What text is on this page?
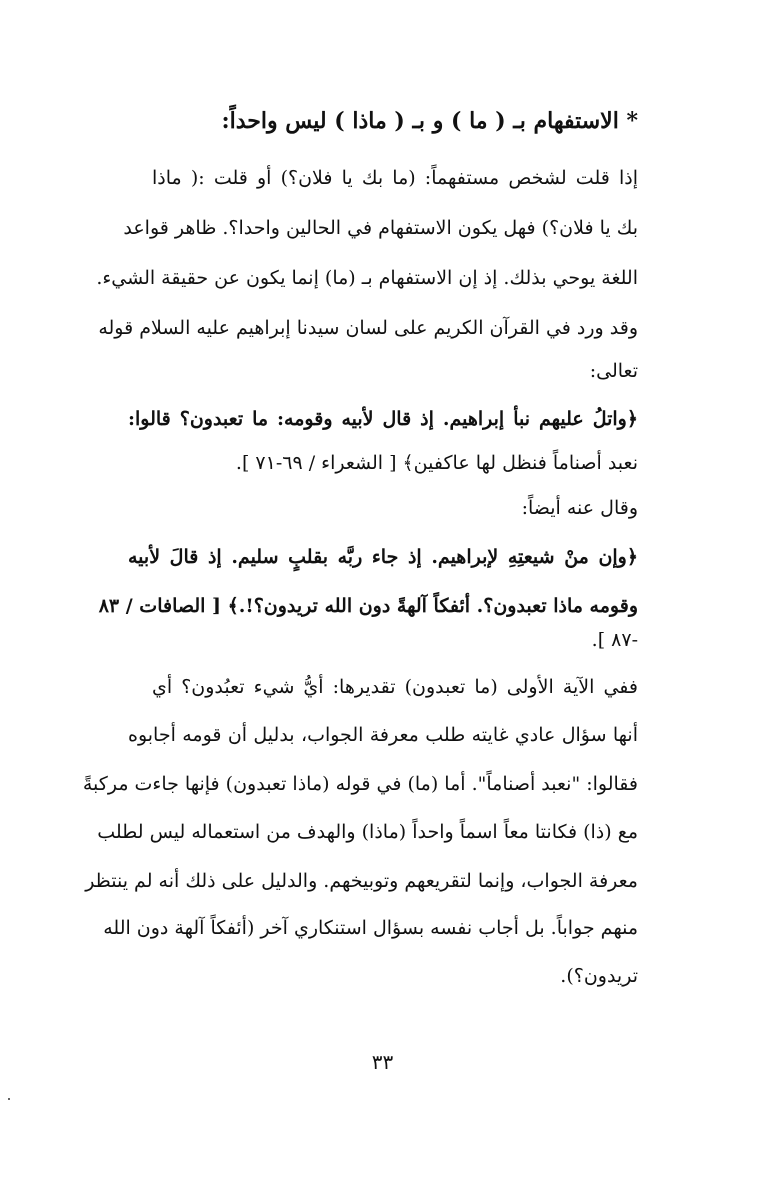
* الاستفهام بـ ( ما ) و بـ ( ماذا ) ليس واحداً:
إذا قلت لشخص مستفهماً: (ما بك يا فلان؟) أو قلت :( ماذا
بك يا فلان؟) فهل يكون الاستفهام في الحالين واحدا؟. ظاهر قواعد
اللغة يوحي بذلك. إذ إن الاستفهام بـ (ما) إنما يكون عن حقيقة الشيء.
وقد ورد في القرآن الكريم على لسان سيدنا إبراهيم عليه السلام قوله
تعالى:
﴿واتلُ عليهم نبأ إبراهيم. إذ قال لأبيه وقومه: ما تعبدون؟ قالوا:
نعبد أصناماً فنظل لها عاكفين﴾ [ الشعراء / ٦٩-٧١ ].
وقال عنه أيضاً:
﴿وإن منْ شيعتِهِ لإبراهيم. إذ جاء ربَّه بقلبٍ سليم. إذ قالَ لأبيه
وقومه ماذا تعبدون؟. أئفكاً آلهةً دون الله تريدون؟!.﴾ [ الصافات / ٨٣
-٨٧ ].
ففي الآية الأولى (ما تعبدون) تقديرها: أيُّ شيء تعبُدون؟ أي
أنها سؤال عادي غايته طلب معرفة الجواب، بدليل أن قومه أجابوه
فقالوا: "نعبد أصناماً". أما (ما) في قوله (ماذا تعبدون) فإنها جاءت مركبةً
مع (ذا) فكانتا معاً اسماً واحداً (ماذا) والهدف من استعماله ليس لطلب
معرفة الجواب، وإنما لتقريعهم وتوبيخهم. والدليل على ذلك أنه لم ينتظر
منهم جواباً. بل أجاب نفسه بسؤال استنكاري آخر (أئفكاً آلهة دون الله
تريدون؟).
٣٣
